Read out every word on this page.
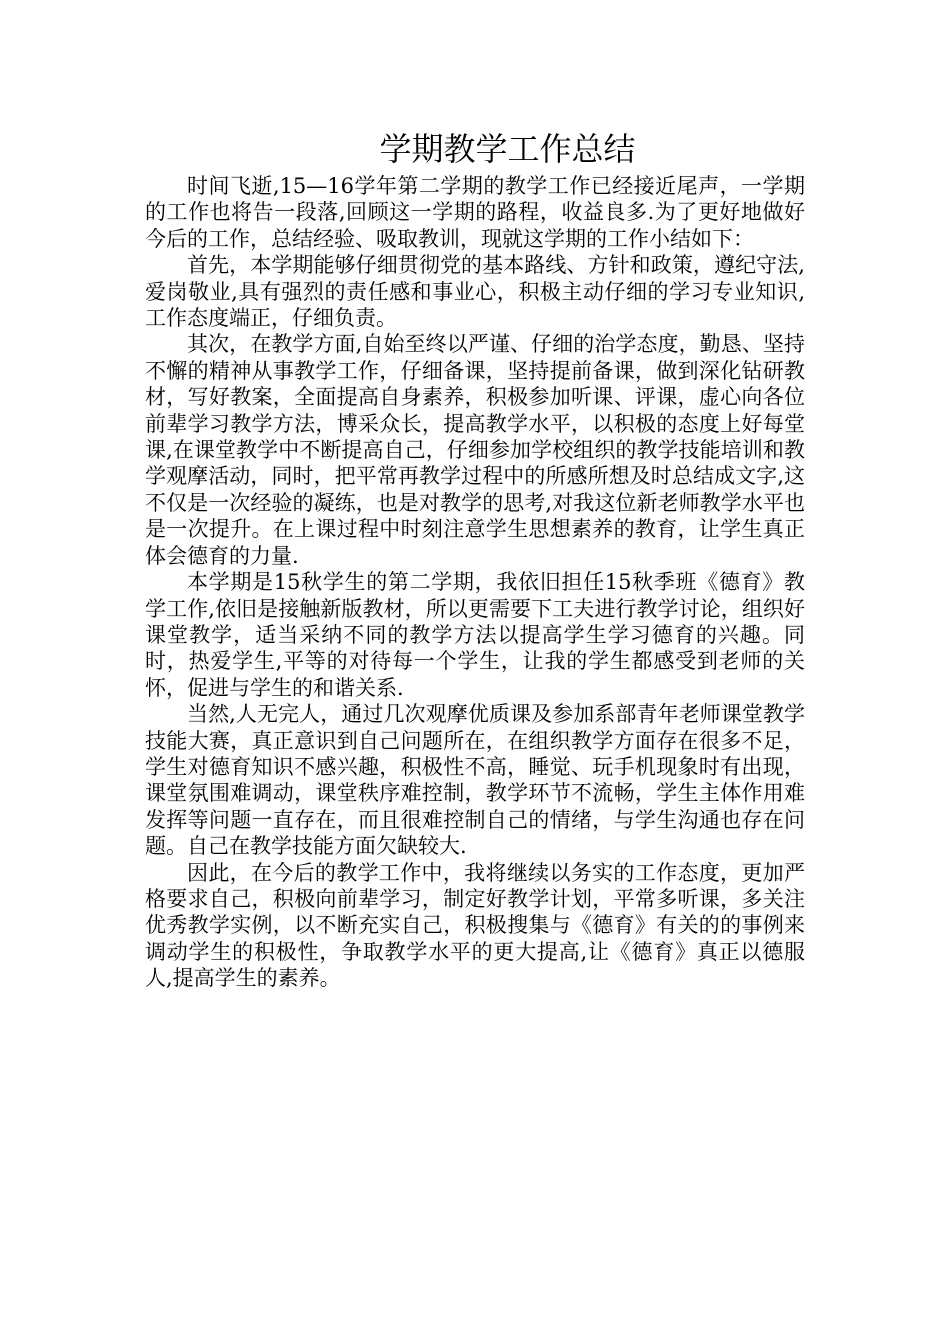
学期教学工作总结

时间飞逝,15—16学年第二学期的教学工作已经接近尾声，一学期的工作也将告一段落,回顾这一学期的路程，收益良多.为了更好地做好今后的工作，总结经验、吸取教训，现就这学期的工作小结如下：

首先，本学期能够仔细贯彻党的基本路线、方针和政策，遵纪守法,爱岗敬业,具有强烈的责任感和事业心，积极主动仔细的学习专业知识,工作态度端正，仔细负责。

其次，在教学方面,自始至终以严谨、仔细的治学态度，勤恳、坚持不懈的精神从事教学工作，仔细备课，坚持提前备课，做到深化钻研教材，写好教案，全面提高自身素养，积极参加听课、评课，虚心向各位前辈学习教学方法，博采众长，提高教学水平，以积极的态度上好每堂课,在课堂教学中不断提高自己，仔细参加学校组织的教学技能培训和教学观摩活动，同时，把平常再教学过程中的所感所想及时总结成文字,这不仅是一次经验的凝练，也是对教学的思考,对我这位新老师教学水平也是一次提升。在上课过程中时刻注意学生思想素养的教育，让学生真正体会德育的力量.

本学期是15秋学生的第二学期，我依旧担任15秋季班《德育》教学工作,依旧是接触新版教材，所以更需要下工夫进行教学讨论，组织好课堂教学，适当采纳不同的教学方法以提高学生学习德育的兴趣。同时，热爱学生,平等的对待每一个学生，让我的学生都感受到老师的关怀，促进与学生的和谐关系.

当然,人无完人，通过几次观摩优质课及参加系部青年老师课堂教学技能大赛，真正意识到自己问题所在，在组织教学方面存在很多不足，学生对德育知识不感兴趣，积极性不高，睡觉、玩手机现象时有出现，课堂氛围难调动，课堂秩序难控制，教学环节不流畅，学生主体作用难发挥等问题一直存在，而且很难控制自己的情绪，与学生沟通也存在问题。自己在教学技能方面欠缺较大.

因此，在今后的教学工作中，我将继续以务实的工作态度，更加严格要求自己，积极向前辈学习，制定好教学计划，平常多听课，多关注优秀教学实例，以不断充实自己，积极搜集与《德育》有关的的事例来调动学生的积极性，争取教学水平的更大提高,让《德育》真正以德服人,提高学生的素养。
